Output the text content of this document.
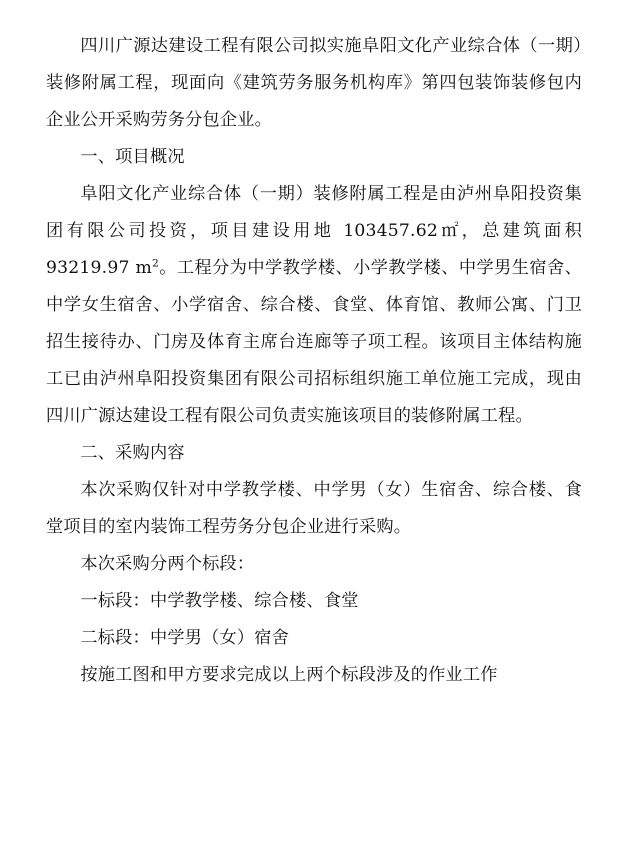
四川广源达建设工程有限公司拟实施阜阳文化产业综合体（一期）装修附属工程，现面向《建筑劳务服务机构库》第四包装饰装修包内企业公开采购劳务分包企业。

一、项目概况

阜阳文化产业综合体（一期）装修附属工程是由泸州阜阳投资集团有限公司投资，项目建设用地 103457.62㎡，总建筑面积 93219.97 $m^2$。工程分为中学教学楼、小学教学楼、中学男生宿舍、中学女生宿舍、小学宿舍、综合楼、食堂、体育馆、教师公寓、门卫招生接待办、门房及体育主席台连廊等子项工程。该项目主体结构施工已由泸州阜阳投资集团有限公司招标组织施工单位施工完成，现由四川广源达建设工程有限公司负责实施该项目的装修附属工程。

二、采购内容

本次采购仅针对中学教学楼、中学男（女）生宿舍、综合楼、食堂项目的室内装饰工程劳务分包企业进行采购。

本次采购分两个标段：

一标段：中学教学楼、综合楼、食堂

二标段：中学男（女）宿舍

按施工图和甲方要求完成以上两个标段涉及的作业工作
